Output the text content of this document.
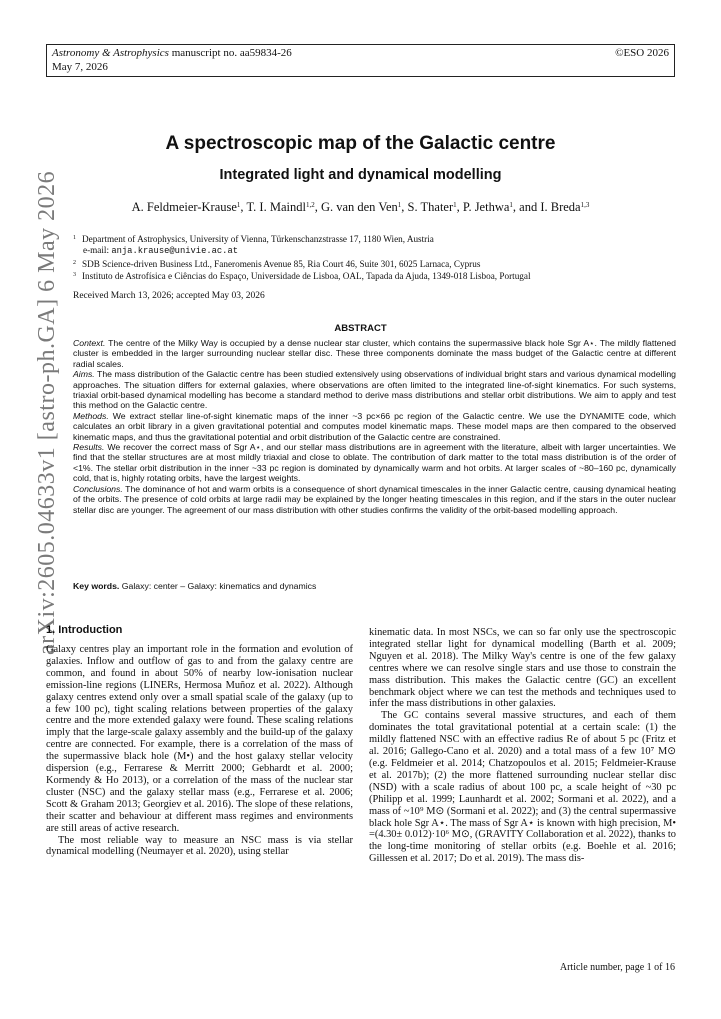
Astronomy & Astrophysics manuscript no. aa59834-26
May 7, 2026
©ESO 2026
arXiv:2605.04633v1 [astro-ph.GA] 6 May 2026
A spectroscopic map of the Galactic centre
Integrated light and dynamical modelling
A. Feldmeier-Krause$^1$, T. I. Maindl$^{1,2}$, G. van den Ven$^1$, S. Thater$^1$, P. Jethwa$^1$, and I. Breda$^{1,3}$
$^1$ Department of Astrophysics, University of Vienna, Türkenschanzstrasse 17, 1180 Wien, Austria
e-mail: anja.krause@univie.ac.at
$^2$ SDB Science-driven Business Ltd., Faneromenis Avenue 85, Ria Court 46, Suite 301, 6025 Larnaca, Cyprus
$^3$ Instituto de Astrofísica e Ciências do Espaço, Universidade de Lisboa, OAL, Tapada da Ajuda, 1349-018 Lisboa, Portugal
Received March 13, 2026; accepted May 03, 2026
ABSTRACT

Context. The centre of the Milky Way is occupied by a dense nuclear star cluster, which contains the supermassive black hole Sgr A⋆. The mildly flattened cluster is embedded in the larger surrounding nuclear stellar disc. These three components dominate the mass budget of the Galactic centre at different radial scales.

Aims. The mass distribution of the Galactic centre has been studied extensively using observations of individual bright stars and various dynamical modelling approaches. The situation differs for external galaxies, where observations are often limited to the integrated line-of-sight kinematics. For such systems, triaxial orbit-based dynamical modelling has become a standard method to derive mass distributions and stellar orbit distributions. We aim to apply and test this method on the Galactic centre.

Methods. We extract stellar line-of-sight kinematic maps of the inner ~3 pc×66 pc region of the Galactic centre. We use the DYNAMITE code, which calculates an orbit library in a given gravitational potential and computes model kinematic maps. These model maps are then compared to the observed kinematic maps, and thus the gravitational potential and orbit distribution of the Galactic centre are constrained.

Results. We recover the correct mass of Sgr A⋆, and our stellar mass distributions are in agreement with the literature, albeit with larger uncertainties. We find that the stellar structures are at most mildly triaxial and close to oblate. The contribution of dark matter to the total mass distribution is of the order of <1%. The stellar orbit distribution in the inner ~33 pc region is dominated by dynamically warm and hot orbits. At larger scales of ~80–160 pc, dynamically cold, that is, highly rotating orbits, have the largest weights.

Conclusions. The dominance of hot and warm orbits is a consequence of short dynamical timescales in the inner Galactic centre, causing dynamical heating of the orbits. The presence of cold orbits at large radii may be explained by the longer heating timescales in this region, and if the stars in the outer nuclear stellar disc are younger. The agreement of our mass distribution with other studies confirms the validity of the orbit-based modelling approach.

Key words. Galaxy: center – Galaxy: kinematics and dynamics
1. Introduction

Galaxy centres play an important role in the formation and evolution of galaxies. Inflow and outflow of gas to and from the galaxy centre are common, and found in about 50% of nearby low-ionisation nuclear emission-line regions (LINERs, Hermosa Muñoz et al. 2022). Although galaxy centres extend only over a small spatial scale of the galaxy (up to a few 100 pc), tight scaling relations between properties of the galaxy centre and the more extended galaxy were found. These scaling relations imply that the large-scale galaxy assembly and the build-up of the galaxy centre are connected. For example, there is a correlation of the mass of the supermassive black hole (M•) and the host galaxy stellar velocity dispersion (e.g., Ferrarese & Merritt 2000; Gebhardt et al. 2000; Kormendy & Ho 2013), or a correlation of the mass of the nuclear star cluster (NSC) and the galaxy stellar mass (e.g., Ferrarese et al. 2006; Scott & Graham 2013; Georgiev et al. 2016). The slope of these relations, their scatter and behaviour at different mass regimes and environments are still areas of active research.

The most reliable way to measure an NSC mass is via stellar dynamical modelling (Neumayer et al. 2020), using stellar

kinematic data. In most NSCs, we can so far only use the spectroscopic integrated stellar light for dynamical modelling (Barth et al. 2009; Nguyen et al. 2018). The Milky Way's centre is one of the few galaxy centres where we can resolve single stars and use those to constrain the mass distribution. This makes the Galactic centre (GC) an excellent benchmark object where we can test the methods and techniques used to infer the mass distributions in other galaxies.

The GC contains several massive structures, and each of them dominates the total gravitational potential at a certain scale: (1) the mildly flattened NSC with an effective radius Re of about 5 pc (Fritz et al. 2016; Gallego-Cano et al. 2020) and a total mass of a few 10⁷ M⊙ (e.g. Feldmeier et al. 2014; Chatzopoulos et al. 2015; Feldmeier-Krause et al. 2017b); (2) the more flattened surrounding nuclear stellar disc (NSD) with a scale radius of about 100 pc, a scale height of ~30 pc (Philipp et al. 1999; Launhardt et al. 2002; Sormani et al. 2022), and a mass of ~10⁹ M⊙ (Sormani et al. 2022); and (3) the central supermassive black hole Sgr A⋆. The mass of Sgr A⋆ is known with high precision, M• =(4.30± 0.012)·10⁶ M⊙, (GRAVITY Collaboration et al. 2022), thanks to the long-time monitoring of stellar orbits (e.g. Boehle et al. 2016; Gillessen et al. 2017; Do et al. 2019). The mass dis-

Article number, page 1 of 16
